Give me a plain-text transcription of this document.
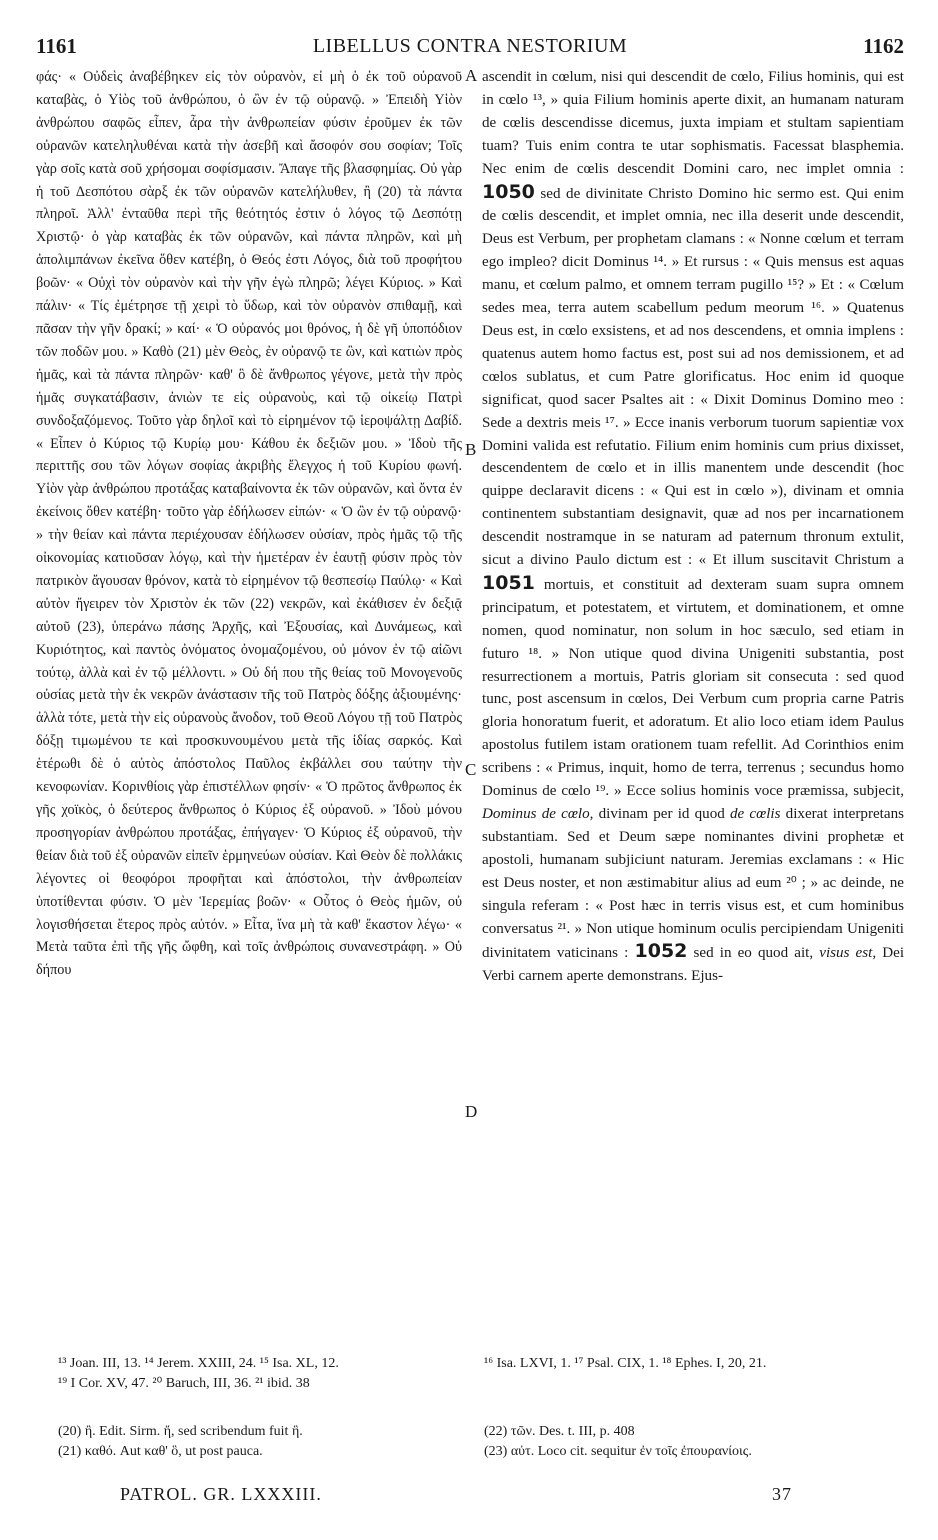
1161	LIBELLUS CONTRA NESTORIUM	1162

φάς· « Οὐδεὶς ἀναβέβηκεν εἰς τὸν οὐρανὸν, εἰ μὴ ὁ ἐκ τοῦ οὐρανοῦ καταβὰς, ὁ Υἱὸς τοῦ ἀνθρώπου, ὁ ὢν ἐν τῷ οὐρανῷ. » Ἐπειδὴ Υἱὸν ἀνθρώπου σαφῶς εἶπεν, ἆρα τὴν ἀνθρωπείαν φύσιν ἐροῦμεν ἐκ τῶν οὐρανῶν κατεληλυθέναι κατὰ τὴν ἀσεβῆ καὶ ἄσοφόν σου σοφίαν; Τοῖς γὰρ σοῖς κατὰ σοῦ χρήσομαι σοφίσμασιν. Ἄπαγε τῆς βλασφημίας. Οὐ γὰρ ἡ τοῦ Δεσπότου σὰρξ ἐκ τῶν οὐρανῶν κατελήλυθεν, ἢ (20) τὰ πάντα πληροῖ. Ἀλλ' ἐνταῦθα περὶ τῆς θεότητός ἐστιν ὁ λόγος τῷ Δεσπότῃ Χριστῷ· ὁ γὰρ καταβὰς ἐκ τῶν οὐρανῶν, καὶ πάντα πληρῶν, καὶ μὴ ἀπολιμπάνων ἐκεῖνα ὅθεν κατέβη, ὁ Θεός ἐστι Λόγος, διὰ τοῦ προφήτου βοῶν· « Οὐχὶ τὸν οὐρανὸν καὶ τὴν γῆν ἐγὼ πληρῶ; λέγει Κύριος. » Καὶ πάλιν· « Τίς ἐμέτρησε τῇ χειρὶ τὸ ὕδωρ, καὶ τὸν οὐρανὸν σπιθαμῇ, καὶ πᾶσαν τὴν γῆν δρακί; » καί· « Ὁ οὐρανός μοι θρόνος, ἡ δὲ γῆ ὑποπόδιον τῶν ποδῶν μου. » Καθὸ (21) μὲν Θεὸς, ἐν οὐρανῷ τε ὢν, καὶ κατιὼν πρὸς ἡμᾶς, καὶ τὰ πάντα πληρῶν· καθ' ὃ δὲ ἄνθρωπος γέγονε, μετὰ τὴν πρὸς ἡμᾶς συγκατάβασιν, ἀνιὼν τε εἰς οὐρανοὺς, καὶ τῷ οἰκείῳ Πατρὶ συνδοξαζόμενος. Τοῦτο γὰρ δηλοῖ καὶ τὸ εἰρημένον τῷ ἱεροψάλτῃ Δαβίδ. « Εἶπεν ὁ Κύριος τῷ Κυρίῳ μου· Κάθου ἐκ δεξιῶν μου. » Ἰδοὺ τῆς περιττῆς σου τῶν λόγων σοφίας ἀκριβὴς ἔλεγχος ἡ τοῦ Κυρίου φωνή. Υἱὸν γὰρ ἀνθρώπου προτάξας καταβαίνοντα ἐκ τῶν οὐρανῶν, καὶ ὄντα ἐν ἐκείνοις ὅθεν κατέβη· τοῦτο γὰρ ἐδήλωσεν εἰπών· « Ὁ ὢν ἐν τῷ οὐρανῷ· » τὴν θείαν καὶ πάντα περιέχουσαν ἐδήλωσεν οὐσίαν, πρὸς ἡμᾶς τῷ τῆς οἰκονομίας κατιοῦσαν λόγῳ, καὶ τὴν ἡμετέραν ἐν ἑαυτῇ φύσιν πρὸς τὸν πατρικὸν ἄγουσαν θρόνον, κατὰ τὸ εἰρημένον τῷ θεσπεσίῳ Παύλῳ· « Καὶ αὐτὸν ἤγειρεν τὸν Χριστὸν ἐκ τῶν (22) νεκρῶν, καὶ ἐκάθισεν ἐν δεξιᾷ αὐτοῦ (23), ὑπεράνω πάσης Ἀρχῆς, καὶ Ἐξουσίας, καὶ Δυνάμεως, καὶ Κυριότητος, καὶ παντὸς ὀνόματος ὀνομαζομένου, οὐ μόνον ἐν τῷ αἰῶνι τούτῳ, ἀλλὰ καὶ ἐν τῷ μέλλοντι. » Οὐ δή που τῆς θείας τοῦ Μονογενοῦς οὐσίας μετὰ τὴν ἐκ νεκρῶν ἀνάστασιν τῆς τοῦ Πατρὸς δόξης ἀξιουμένης· ἀλλὰ τότε, μετὰ τὴν εἰς οὐρανοὺς ἄνοδον, τοῦ Θεοῦ Λόγου τῇ τοῦ Πατρὸς δόξῃ τιμωμένου τε καὶ προσκυνουμένου μετὰ τῆς ἰδίας σαρκός. Καὶ ἑτέρωθι δὲ ὁ αὐτὸς ἀπόστολος Παῦλος ἐκβάλλει σου ταύτην τὴν κενοφωνίαν. Κορινθίοις γὰρ ἐπιστέλλων φησίν· « Ὁ πρῶτος ἄνθρωπος ἐκ γῆς χοϊκὸς, ὁ δεύτερος ἄνθρωπος ὁ Κύριος ἐξ οὐρανοῦ. » Ἰδοὺ μόνου προσηγορίαν ἀνθρώπου προτάξας, ἐπήγαγεν· Ὁ Κύριος ἐξ οὐρανοῦ, τὴν θείαν διὰ τοῦ ἐξ οὐρανῶν εἰπεῖν ἑρμηνεύων οὐσίαν. Καὶ Θεὸν δὲ πολλάκις λέγοντες οἱ θεοφόροι προφῆται καὶ ἀπόστολοι, τὴν ἀνθρωπείαν ὑποτίθενται φύσιν. Ὁ μὲν Ἱερεμίας βοῶν· « Οὗτος ὁ Θεὸς ἡμῶν, οὐ λογισθήσεται ἕτερος πρὸς αὐτόν. » Εἶτα, ἵνα μὴ τὰ καθ' ἕκαστον λέγω· « Μετὰ ταῦτα ἐπὶ τῆς γῆς ὤφθη, καὶ τοῖς ἀνθρώποις συνανεστράφη. » Οὐ δήπου

A
B
C
D

ascendit in cœlum, nisi qui descendit de cœlo, Filius hominis, qui est in cœlo ¹³, » quia Filium hominis aperte dixit, an humanam naturam de cœlis descendisse dicemus, juxta impiam et stultam sapientiam tuam? Tuis enim contra te utar sophismatis. Facessat blasphemia. Nec enim de cœlis descendit Domini caro, nec implet omnia : 1050 sed de divinitate Christo Domino hic sermo est. Qui enim de cœlis descendit, et implet omnia, nec illa deserit unde descendit, Deus est Verbum, per prophetam clamans : « Nonne cœlum et terram ego impleo? dicit Dominus ¹⁴. » Et rursus : « Quis mensus est aquas manu, et cœlum palmo, et omnem terram pugillo ¹⁵? » Et : « Cœlum sedes mea, terra autem scabellum pedum meorum ¹⁶. » Quatenus Deus est, in cœlo exsistens, et ad nos descendens, et omnia implens : quatenus autem homo factus est, post sui ad nos demissionem, et ad cœlos sublatus, et cum Patre glorificatus. Hoc enim id quoque significat, quod sacer Psaltes ait : « Dixit Dominus Domino meo : Sede a dextris meis ¹⁷. » Ecce inanis verborum tuorum sapientiæ vox Domini valida est refutatio. Filium enim hominis cum prius dixisset, descendentem de cœlo et in illis manentem unde descendit (hoc quippe declaravit dicens : « Qui est in cœlo »), divinam et omnia continentem substantiam designavit, quæ ad nos per incarnationem descendit nostramque in se naturam ad paternum thronum extulit, sicut a divino Paulo dictum est : « Et illum suscitavit Christum a 1051 mortuis, et constituit ad dexteram suam supra omnem principatum, et potestatem, et virtutem, et dominationem, et omne nomen, quod nominatur, non solum in hoc sæculo, sed etiam in futuro ¹⁸. » Non utique quod divina Unigeniti substantia, post resurrectionem a mortuis, Patris gloriam sit consecuta : sed quod tunc, post ascensum in cœlos, Dei Verbum cum propria carne Patris gloria honoratum fuerit, et adoratum. Et alio loco etiam idem Paulus apostolus futilem istam orationem tuam refellit. Ad Corinthios enim scribens : « Primus, inquit, homo de terra, terrenus ; secundus homo Dominus de cœlo ¹⁹. » Ecce solius hominis voce præmissa, subjecit, Dominus de cœlo, divinam per id quod de cœlis dixerat interpretans substantiam. Sed et Deum sæpe nominantes divini prophetæ et apostoli, humanam subjiciunt naturam. Jeremias exclamans : « Hic est Deus noster, et non æstimabitur alius ad eum ²⁰ ; » ac deinde, ne singula referam : « Post hæc in terris visus est, et cum hominibus conversatus ²¹. » Non utique hominum oculis percipiendam Unigeniti divinitatem vaticinans : 1052 sed in eo quod ait, visus est, Dei Verbi carnem aperte demonstrans. Ejus-

¹³ Joan. III, 13. ¹⁴ Jerem. XXIII, 24. ¹⁵ Isa. XL, 12.
¹⁹ I Cor. XV, 47. ²⁰ Baruch, III, 36. ²¹ ibid. 38
¹⁶ Isa. LXVI, 1. ¹⁷ Psal. CIX, 1. ¹⁸ Ephes. I, 20, 21.
(20) ἢ. Edit. Sirm. ἤ, sed scribendum fuit ἣ.
(21) καθό. Aut καθ' ὃ, ut post pauca.
(22) τῶν. Des. t. III, p. 408
(23) αὐτ. Loco cit. sequitur ἐν τοῖς ἐπουρανίοις.
PATROL. GR. LXXXIII.	37
